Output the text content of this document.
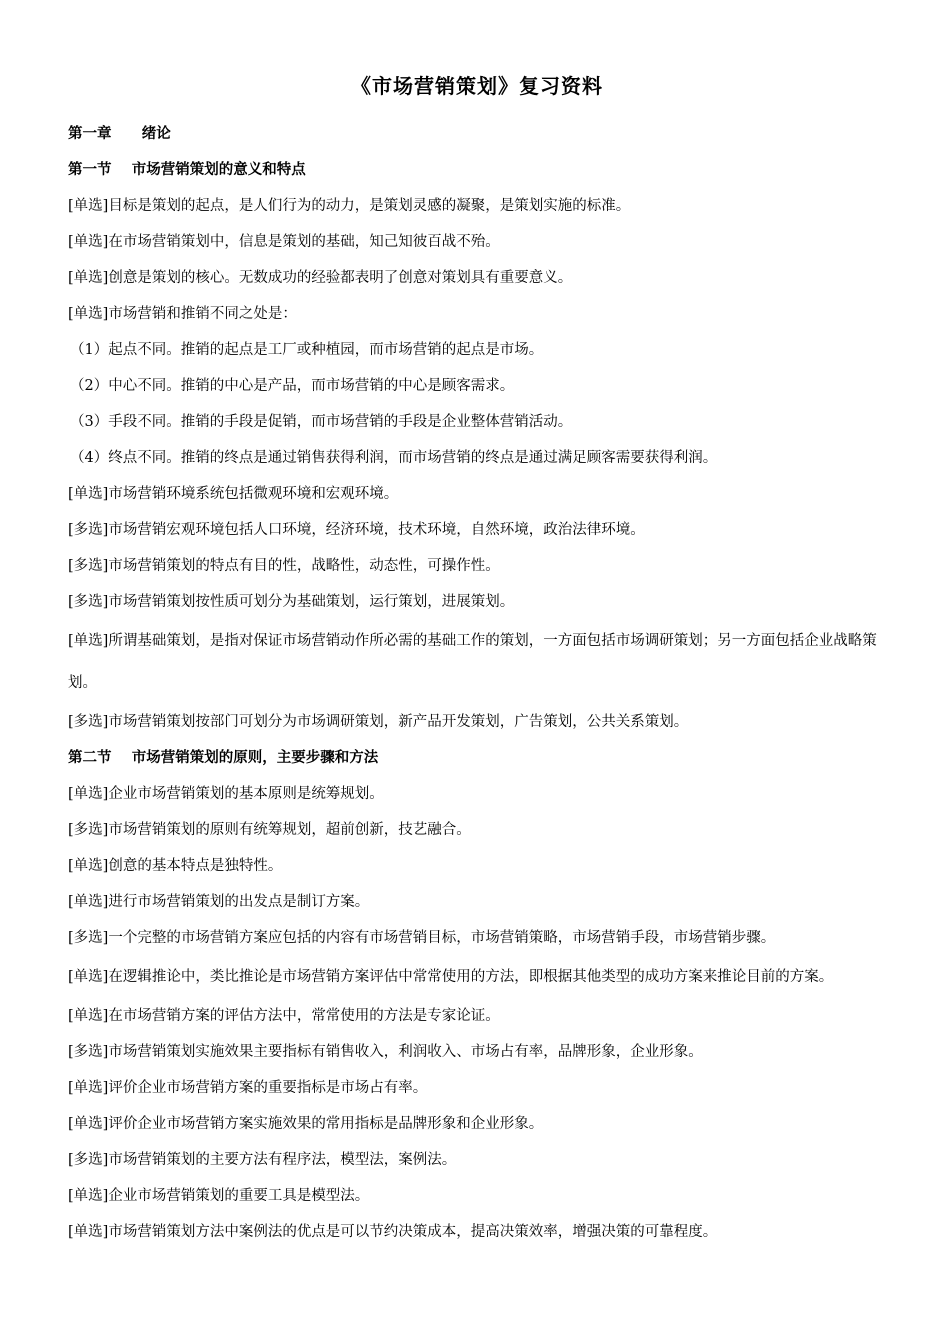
《市场营销策划》复习资料
第一章 绪论
第一节 市场营销策划的意义和特点
[单选]目标是策划的起点，是人们行为的动力，是策划灵感的凝聚，是策划实施的标准。
[单选]在市场营销策划中，信息是策划的基础，知己知彼百战不殆。
[单选]创意是策划的核心。无数成功的经验都表明了创意对策划具有重要意义。
[单选]市场营销和推销不同之处是：
（1）起点不同。推销的起点是工厂或种植园，而市场营销的起点是市场。
（2）中心不同。推销的中心是产品，而市场营销的中心是顾客需求。
（3）手段不同。推销的手段是促销，而市场营销的手段是企业整体营销活动。
（4）终点不同。推销的终点是通过销售获得利润，而市场营销的终点是通过满足顾客需要获得利润。
[单选]市场营销环境系统包括微观环境和宏观环境。
[多选]市场营销宏观环境包括人口环境，经济环境，技术环境，自然环境，政治法律环境。
[多选]市场营销策划的特点有目的性，战略性，动态性，可操作性。
[多选]市场营销策划按性质可划分为基础策划，运行策划，进展策划。
[单选]所谓基础策划，是指对保证市场营销动作所必需的基础工作的策划，一方面包括市场调研策划；另一方面包括企业战略策划。
[多选]市场营销策划按部门可划分为市场调研策划，新产品开发策划，广告策划，公共关系策划。
第二节 市场营销策划的原则，主要步骤和方法
[单选]企业市场营销策划的基本原则是统筹规划。
[多选]市场营销策划的原则有统筹规划，超前创新，技艺融合。
[单选]创意的基本特点是独特性。
[单选]进行市场营销策划的出发点是制订方案。
[多选]一个完整的市场营销方案应包括的内容有市场营销目标，市场营销策略，市场营销手段，市场营销步骤。
[单选]在逻辑推论中，类比推论是市场营销方案评估中常常使用的方法，即根据其他类型的成功方案来推论目前的方案。
[单选]在市场营销方案的评估方法中，常常使用的方法是专家论证。
[多选]市场营销策划实施效果主要指标有销售收入，利润收入、市场占有率，品牌形象，企业形象。
[单选]评价企业市场营销方案的重要指标是市场占有率。
[单选]评价企业市场营销方案实施效果的常用指标是品牌形象和企业形象。
[多选]市场营销策划的主要方法有程序法，模型法，案例法。
[单选]企业市场营销策划的重要工具是模型法。
[单选]市场营销策划方法中案例法的优点是可以节约决策成本，提高决策效率，增强决策的可靠程度。
